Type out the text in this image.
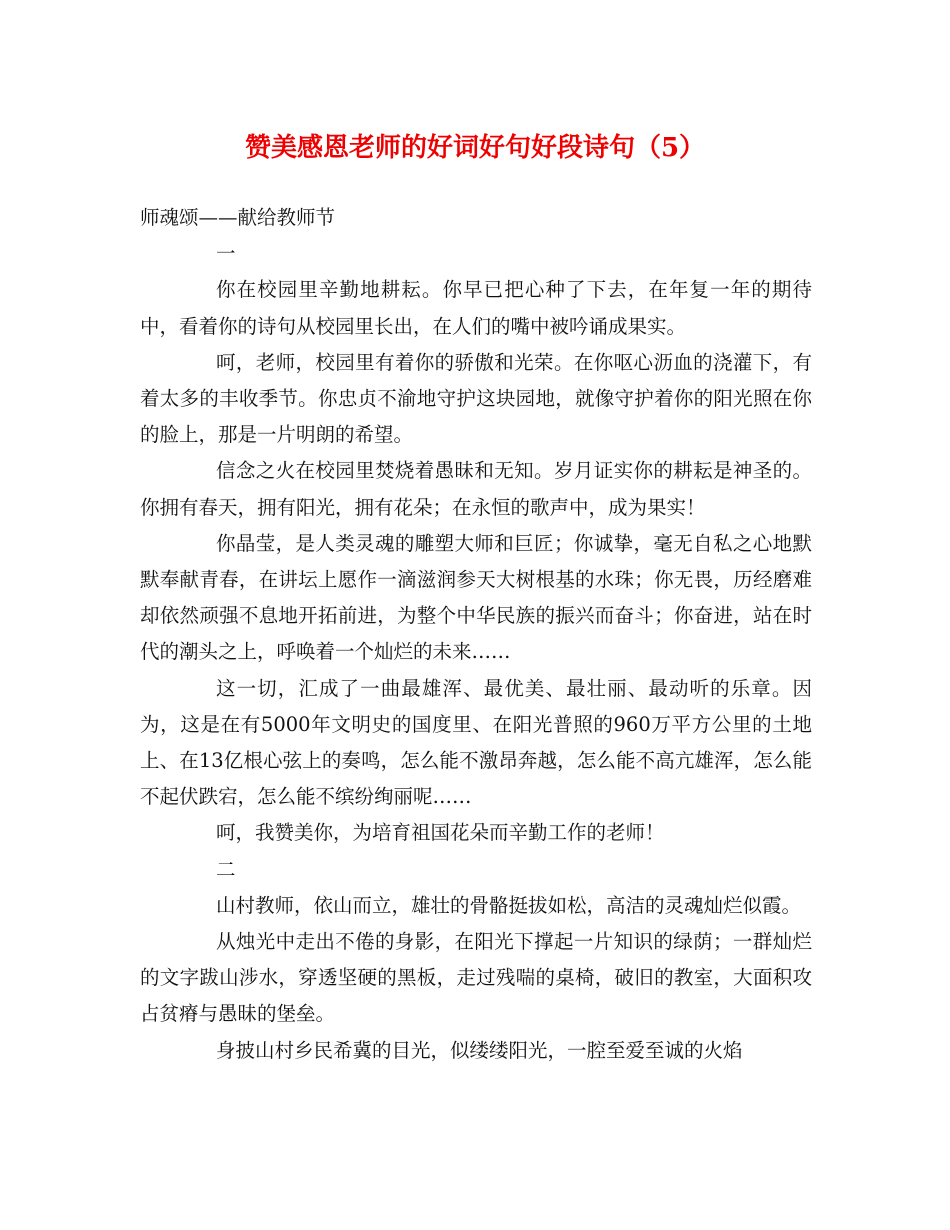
赞美感恩老师的好词好句好段诗句（5）

师魂颂——献给教师节

一

你在校园里辛勤地耕耘。你早已把心种了下去，在年复一年的期待中，看着你的诗句从校园里长出，在人们的嘴中被吟诵成果实。

呵，老师，校园里有着你的骄傲和光荣。在你呕心沥血的浇灌下，有着太多的丰收季节。你忠贞不渝地守护这块园地，就像守护着你的阳光照在你的脸上，那是一片明朗的希望。

信念之火在校园里焚烧着愚昧和无知。岁月证实你的耕耘是神圣的。你拥有春天，拥有阳光，拥有花朵；在永恒的歌声中，成为果实！

你晶莹，是人类灵魂的雕塑大师和巨匠；你诚挚，毫无自私之心地默默奉献青春，在讲坛上愿作一滴滋润参天大树根基的水珠；你无畏，历经磨难却依然顽强不息地开拓前进，为整个中华民族的振兴而奋斗；你奋进，站在时代的潮头之上，呼唤着一个灿烂的未来……

这一切，汇成了一曲最雄浑、最优美、最壮丽、最动听的乐章。因为，这是在有5000年文明史的国度里、在阳光普照的960万平方公里的土地上、在13亿根心弦上的奏鸣，怎么能不激昂奔越，怎么能不高亢雄浑，怎么能不起伏跌宕，怎么能不缤纷绚丽呢……

呵，我赞美你，为培育祖国花朵而辛勤工作的老师！

二

山村教师，依山而立，雄壮的骨骼挺拔如松，高洁的灵魂灿烂似霞。

从烛光中走出不倦的身影，在阳光下撑起一片知识的绿荫；一群灿烂的文字跋山涉水，穿透坚硬的黑板，走过残喘的桌椅，破旧的教室，大面积攻占贫瘠与愚昧的堡垒。

身披山村乡民希冀的目光，似缕缕阳光，一腔至爱至诚的火焰
